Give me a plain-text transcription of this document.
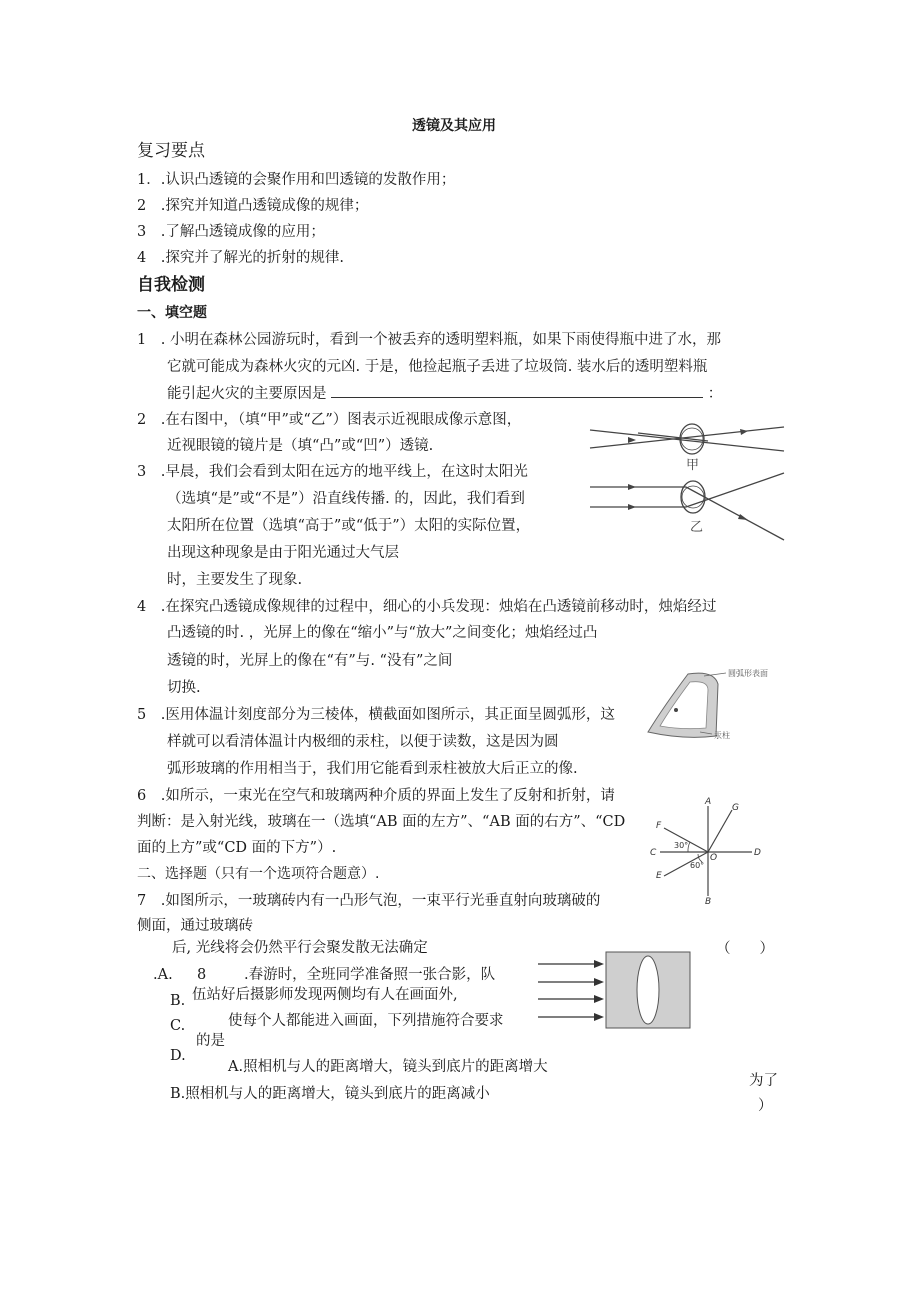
透镜及其应用
复习要点
1．.认识凸透镜的会聚作用和凹透镜的发散作用；
2　.探究并知道凸透镜成像的规律；
3　.了解凸透镜成像的应用；
4　.探究并了解光的折射的规律.
自我检测
一、填空题
1　. 小明在森林公园游玩时，看到一个被丢弃的透明塑料瓶，如果下雨使得瓶中进了水，那
它就可能成为森林火灾的元凶. 于是，他捡起瓶子丢进了垃圾筒. 装水后的透明塑料瓶
能引起火灾的主要原因是	：
2　.在右图中，（填“甲”或“乙”）图表示近视眼成像示意图，
近视眼镜的镜片是（填“凸”或“凹”）透镜.
3　.早晨，我们会看到太阳在远方的地平线上，在这时太阳光
（选填“是”或“不是”）沿直线传播. 的，因此，我们看到
太阳所在位置（选填“高于”或“低于”）太阳的实际位置，
出现这种现象是由于阳光通过大气层
时，主要发生了现象.
4　.在探究凸透镜成像规律的过程中，细心的小兵发现：烛焰在凸透镜前移动时，烛焰经过
凸透镜的时. ，光屏上的像在“缩小”与“放大”之间变化；烛焰经过凸
透镜的时，光屏上的像在“有”与. “没有”之间
切换.
5　.医用体温计刻度部分为三棱体，横截面如图所示，其正面呈圆弧形，这
样就可以看清体温计内极细的汞柱，以便于读数，这是因为圆
弧形玻璃的作用相当于，我们用它能看到汞柱被放大后正立的像.
6　.如所示，一束光在空气和玻璃两种介质的界面上发生了反射和折射，请
判断：是入射光线，玻璃在一（选填“AB 面的左方”、“AB 面的右方”、“CD
面的上方”或“CD 面的下方”）.
二、选择题（只有一个选项符合题意）.
7　.如图所示，一玻璃砖内有一凸形气泡，一束平行光垂直射向玻璃破的
侧面，通过玻璃砖
后, 光线将会仍然平行会聚发散无法确定	（　　）
.A. 8	.春游时，全班同学准备照一张合影，队
B. 伍站好后摄影师发现两侧均有人在画面外,
C.	使每个人都能进入画面，下列措施符合要求
的是
D.
A.照相机与人的距离增大，镜头到底片的距离增大
为了
B.照相机与人的距离增大，镜头到底片的距离减小
）
甲
乙
圆弧形表面
汞柱
A
B
C	D
E
F
G
O
30°
60°
